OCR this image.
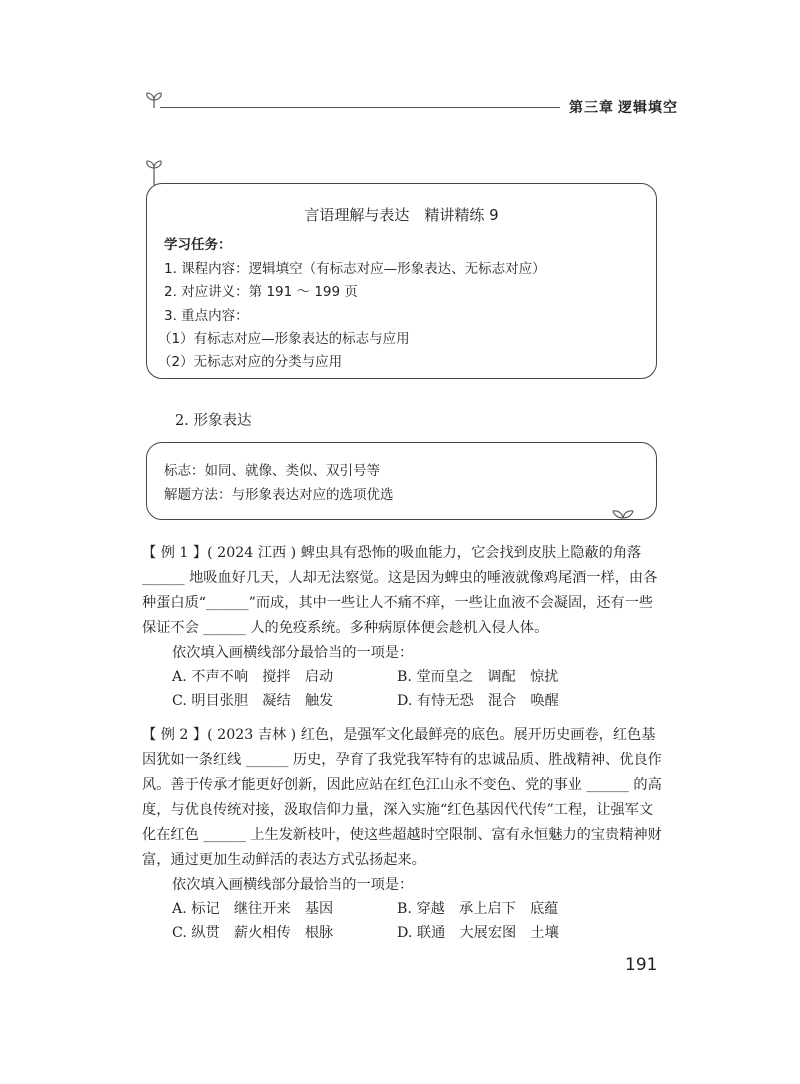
第三章 逻辑填空
言语理解与表达　精讲精练 9
学习任务：
1. 课程内容：逻辑填空（有标志对应—形象表达、无标志对应）
2. 对应讲义：第 191 ～ 199 页
3. 重点内容：
（1）有标志对应—形象表达的标志与应用
（2）无标志对应的分类与应用
2. 形象表达
标志：如同、就像、类似、双引号等
解题方法：与形象表达对应的选项优选
【 例 1 】( 2024 江西 ) 蜱虫具有恐怖的吸血能力，它会找到皮肤上隐蔽的角落
______ 地吸血好几天，人却无法察觉。这是因为蜱虫的唾液就像鸡尾酒一样，由各
种蛋白质“______”而成，其中一些让人不痛不痒，一些让血液不会凝固，还有一些
保证不会 ______ 人的免疫系统。多种病原体便会趁机入侵人体。
依次填入画横线部分最恰当的一项是：
A. 不声不响　搅拌　启动	B. 堂而皇之　调配　惊扰
C. 明目张胆　凝结　触发	D. 有恃无恐　混合　唤醒
【 例 2 】( 2023 吉林 ) 红色，是强军文化最鲜亮的底色。展开历史画卷，红色基
因犹如一条红线 ______ 历史，孕育了我党我军特有的忠诚品质、胜战精神、优良作
风。善于传承才能更好创新，因此应站在红色江山永不变色、党的事业 ______ 的高
度，与优良传统对接，汲取信仰力量，深入实施“红色基因代代传”工程，让强军文
化在红色 ______ 上生发新枝叶，使这些超越时空限制、富有永恒魅力的宝贵精神财
富，通过更加生动鲜活的表达方式弘扬起来。
依次填入画横线部分最恰当的一项是：
A. 标记　继往开来　基因	B. 穿越　承上启下　底蕴
C. 纵贯　薪火相传　根脉	D. 联通　大展宏图　土壤
191
